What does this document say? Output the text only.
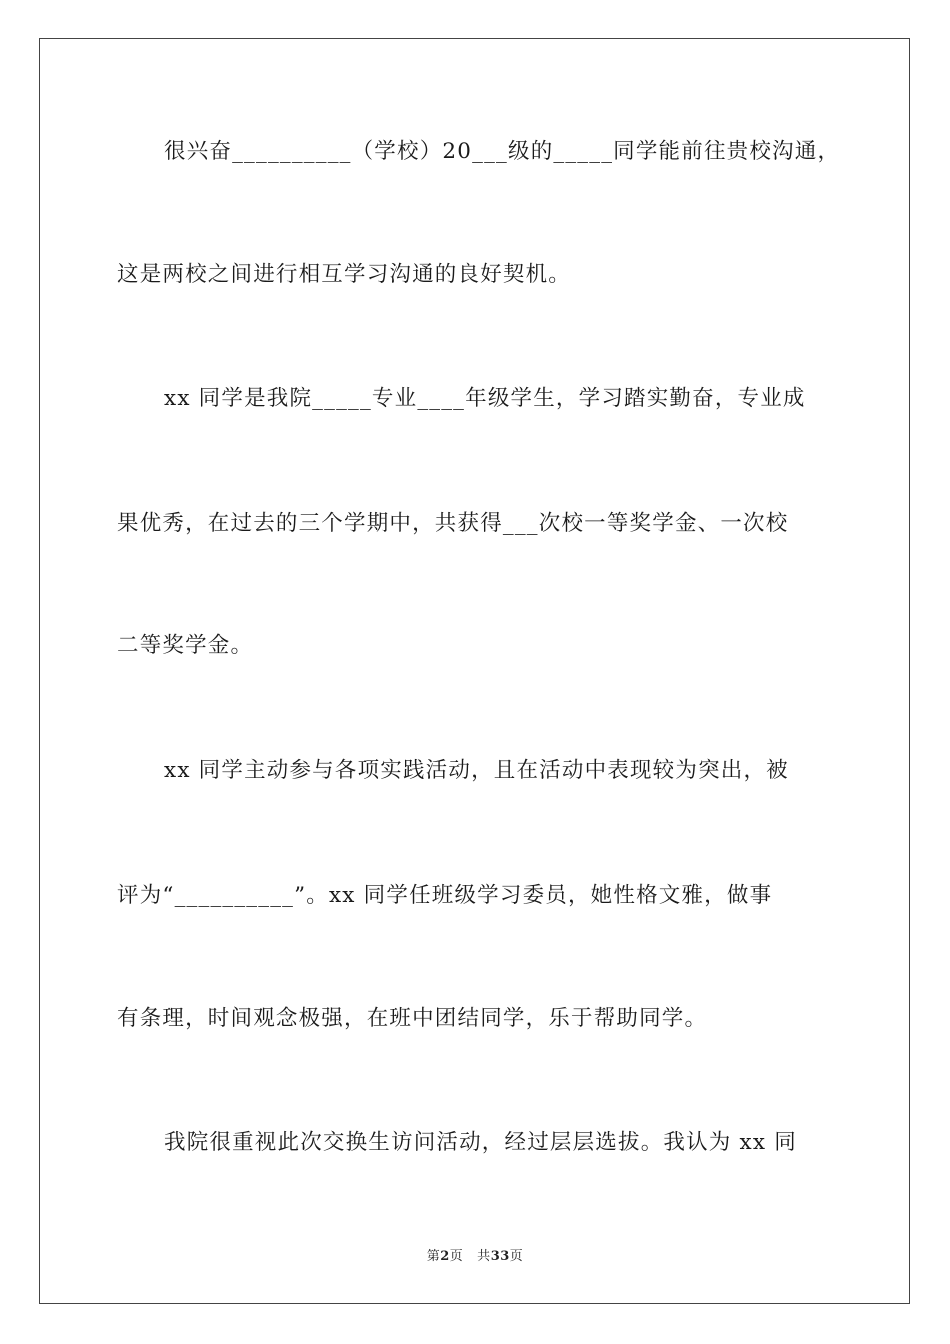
很兴奋__________（学校）20___级的_____同学能前往贵校沟通，
这是两校之间进行相互学习沟通的良好契机。
xx 同学是我院_____专业____年级学生，学习踏实勤奋，专业成
果优秀，在过去的三个学期中，共获得___次校一等奖学金、一次校
二等奖学金。
xx 同学主动参与各项实践活动，且在活动中表现较为突出，被
评为“__________”。xx 同学任班级学习委员，她性格文雅，做事
有条理，时间观念极强，在班中团结同学，乐于帮助同学。
我院很重视此次交换生访问活动，经过层层选拔。我认为 xx 同
第2页 共33页
